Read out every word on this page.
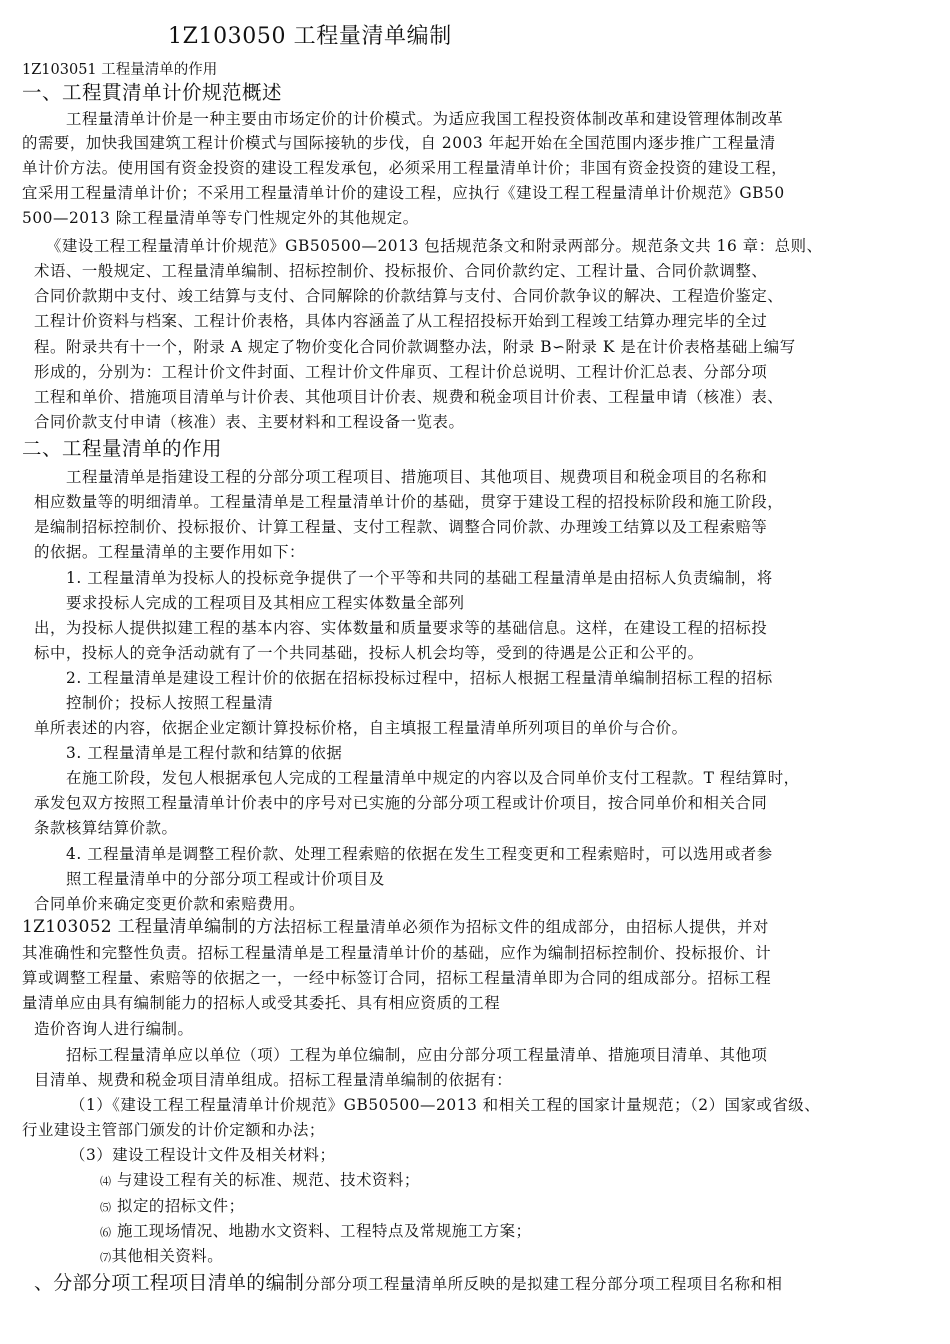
1Z103050 工程量清单编制
1Z103051 工程量清单的作用
一、工程貫清单计价规范概述
工程量清单计价是一种主要由市场定价的计价模式。为适应我国工程投资体制改革和建设管理体制改革
的需要，加快我国建筑工程计价模式与国际接轨的步伐，自 2003 年起开始在全国范围内逐步推广工程量清
单计价方法。使用国有资金投资的建设工程发承包，必须采用工程量清单计价；非国有资金投资的建设工程，
宜采用工程量清单计价；不采用工程量清单计价的建设工程，应执行《建设工程工程量清单计价规范》GB50
500—2013 除工程量清单等专门性规定外的其他规定。
《建设工程工程量清单计价规范》GB50500—2013 包括规范条文和附录两部分。规范条文共 16 章：总则、
术语、一般规定、工程量清单编制、招标控制价、投标报价、合同价款约定、工程计量、合同价款调整、
合同价款期中支付、竣工结算与支付、合同解除的价款结算与支付、合同价款争议的解决、工程造价鉴定、
工程计价资料与档案、工程计价表格，具体内容涵盖了从工程招投标开始到工程竣工结算办理完毕的全过
程。附录共有十一个，附录 A 规定了物价变化合同价款调整办法，附录 B∽附录 K 是在计价表格基础上编写
形成的，分别为：工程计价文件封面、工程计价文件扉页、工程计价总说明、工程计价汇总表、分部分项
工程和单价、措施项目清单与计价表、其他项目计价表、规费和税金项目计价表、工程量申请（核准）表、
合同价款支付申请（核准）表、主要材料和工程设备一览表。
二、工程量清单的作用
工程量清单是指建设工程的分部分项工程项目、措施项目、其他项目、规费项目和税金项目的名称和
相应数量等的明细清单。工程量清单是工程量清单计价的基础，贯穿于建设工程的招投标阶段和施工阶段，
是编制招标控制价、投标报价、计算工程量、支付工程款、调整合同价款、办理竣工结算以及工程索赔等
的依据。工程量清单的主要作用如下：
1. 工程量清单为投标人的投标竞争提供了一个平等和共同的基础工程量清单是由招标人负责编制，将
要求投标人完成的工程项目及其相应工程实体数量全部列
出，为投标人提供拟建工程的基本内容、实体数量和质量要求等的基础信息。这样，在建设工程的招标投
标中，投标人的竞争活动就有了一个共同基础，投标人机会均等，受到的待遇是公正和公平的。
2. 工程量清单是建设工程计价的依据在招标投标过程中，招标人根据工程量清单编制招标工程的招标
控制价；投标人按照工程量清
单所表述的内容，依据企业定额计算投标价格，自主填报工程量清单所列项目的单价与合价。
3. 工程量清单是工程付款和结算的依据
在施工阶段，发包人根据承包人完成的工程量清单中规定的内容以及合同单价支付工程款。T 程结算时，
承发包双方按照工程量清单计价表中的序号对已实施的分部分项工程或计价项目，按合同单价和相关合同
条款核算结算价款。
4. 工程量清单是调整工程价款、处理工程索赔的依据在发生工程变更和工程索赔时，可以选用或者参
照工程量清单中的分部分项工程或计价项目及
合同单价来确定变更价款和索赔费用。
1Z103052 工程量清单编制的方法招标工程量清单必须作为招标文件的组成部分，由招标人提供，并对
其准确性和完整性负责。招标工程量清单是工程量清单计价的基础，应作为编制招标控制价、投标报价、计
算或调整工程量、索赔等的依据之一，一经中标签订合同，招标工程量清单即为合同的组成部分。招标工程
量清单应由具有编制能力的招标人或受其委托、具有相应资质的工程
造价咨询人进行编制。
招标工程量清单应以单位（项）工程为单位编制，应由分部分项工程量清单、措施项目清单、其他项
目清单、规费和税金项目清单组成。招标工程量清单编制的依据有：
（1）《建设工程工程量清单计价规范》GB50500—2013 和相关工程的国家计量规范；（2）国家或省级、
行业建设主管部门颁发的计价定额和办法；
（3）建设工程设计文件及相关材料；
⑷ 与建设工程有关的标准、规范、技术资料；
⑸ 拟定的招标文件；
⑹ 施工现场情况、地勘水文资料、工程特点及常规施工方案；
⑺其他相关资料。
、分部分项工程项目清单的编制分部分项工程量清单所反映的是拟建工程分部分项工程项目名称和相
